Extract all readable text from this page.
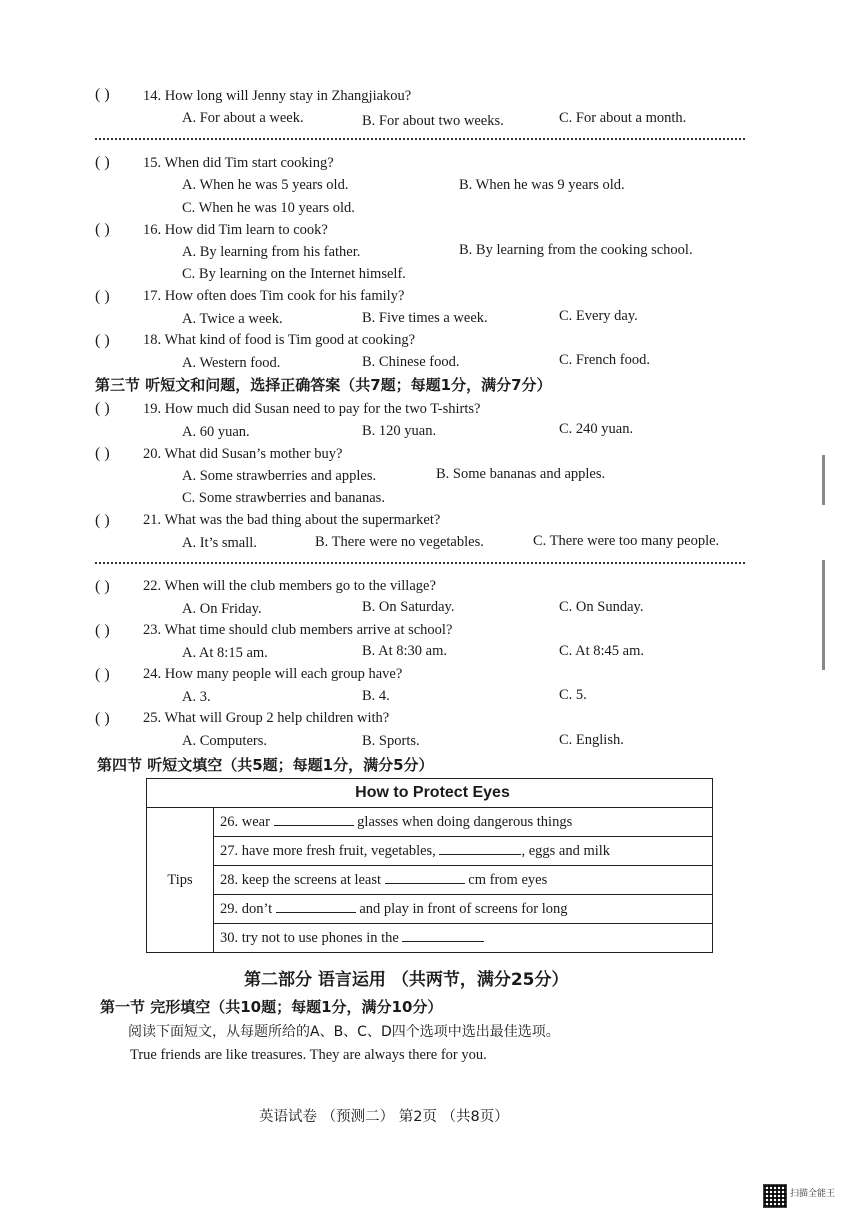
( ) 14. How long will Jenny stay in Zhangjiakou?
A. For about a week.	B. For about two weeks.	C. For about a month.
( ) 15. When did Tim start cooking?
A. When he was 5 years old.	B. When he was 9 years old.
C. When he was 10 years old.
( ) 16. How did Tim learn to cook?
A. By learning from his father.	B. By learning from the cooking school.
C. By learning on the Internet himself.
( ) 17. How often does Tim cook for his family?
A. Twice a week.	B. Five times a week.	C. Every day.
( ) 18. What kind of food is Tim good at cooking?
A. Western food.	B. Chinese food.	C. French food.
第三节 听短文和问题，选择正确答案（共7题；每题1分，满分7分）
( ) 19. How much did Susan need to pay for the two T-shirts?
A. 60 yuan.	B. 120 yuan.	C. 240 yuan.
( ) 20. What did Susan’s mother buy?
A. Some strawberries and apples.	B. Some bananas and apples.
C. Some strawberries and bananas.
( ) 21. What was the bad thing about the supermarket?
A. It’s small.	B. There were no vegetables.	C. There were too many people.
( ) 22. When will the club members go to the village?
A. On Friday.	B. On Saturday.	C. On Sunday.
( ) 23. What time should club members arrive at school?
A. At 8:15 am.	B. At 8:30 am.	C. At 8:45 am.
( ) 24. How many people will each group have?
A. 3.	B. 4.	C. 5.
( ) 25. What will Group 2 help children with?
A. Computers.	B. Sports.	C. English.
第四节 听短文填空（共5题；每题1分，满分5分）
How to Protect Eyes
Tips	26. wear	glasses when doing dangerous things
27. have more fresh fruit, vegetables,	, eggs and milk
28. keep the screens at least	cm from eyes
29. don’t	and play in front of screens for long
30. try not to use phones in the
第二部分 语言运用 （共两节，满分25分）
第一节 完形填空（共10题；每题1分，满分10分）
阅读下面短文，从每题所给的A、B、C、D四个选项中选出最佳选项。
True friends are like treasures. They are always there for you.
英语试卷 （预测二） 第2页 （共8页）
扫描全能王
